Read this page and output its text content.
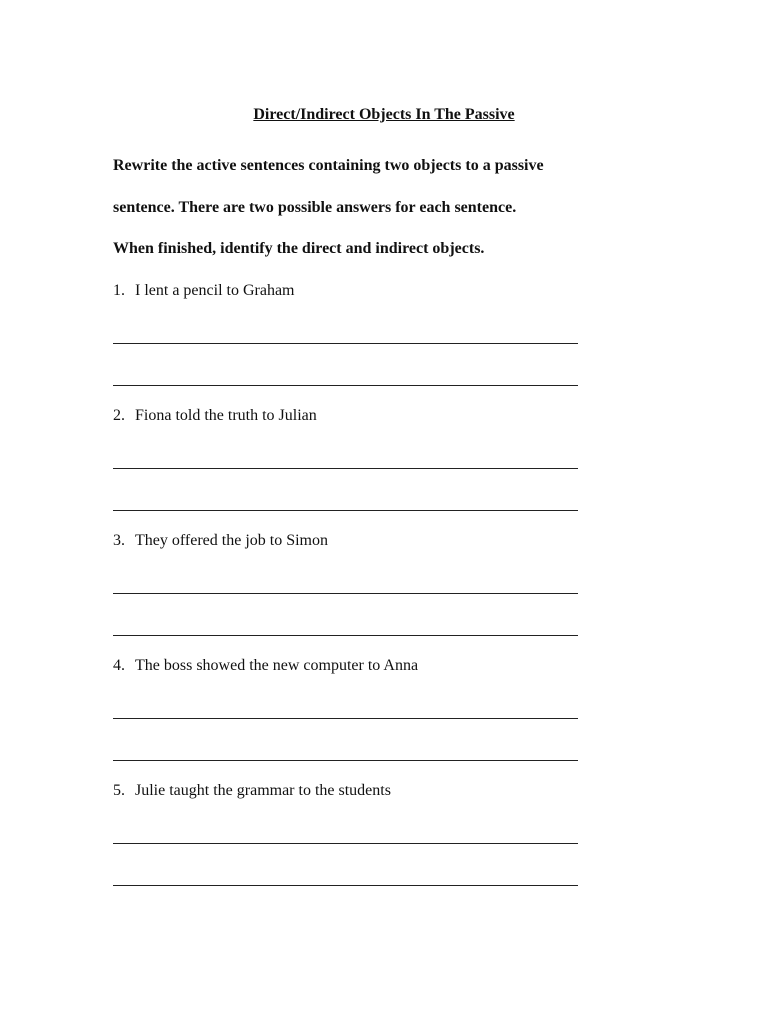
Direct/Indirect Objects In The Passive
Rewrite the active sentences containing two objects to a passive
sentence. There are two possible answers for each sentence.
When finished, identify the direct and indirect objects.
1. I lent a pencil to Graham
2. Fiona told the truth to Julian
3. They offered the job to Simon
4. The boss showed the new computer to Anna
5. Julie taught the grammar to the students
